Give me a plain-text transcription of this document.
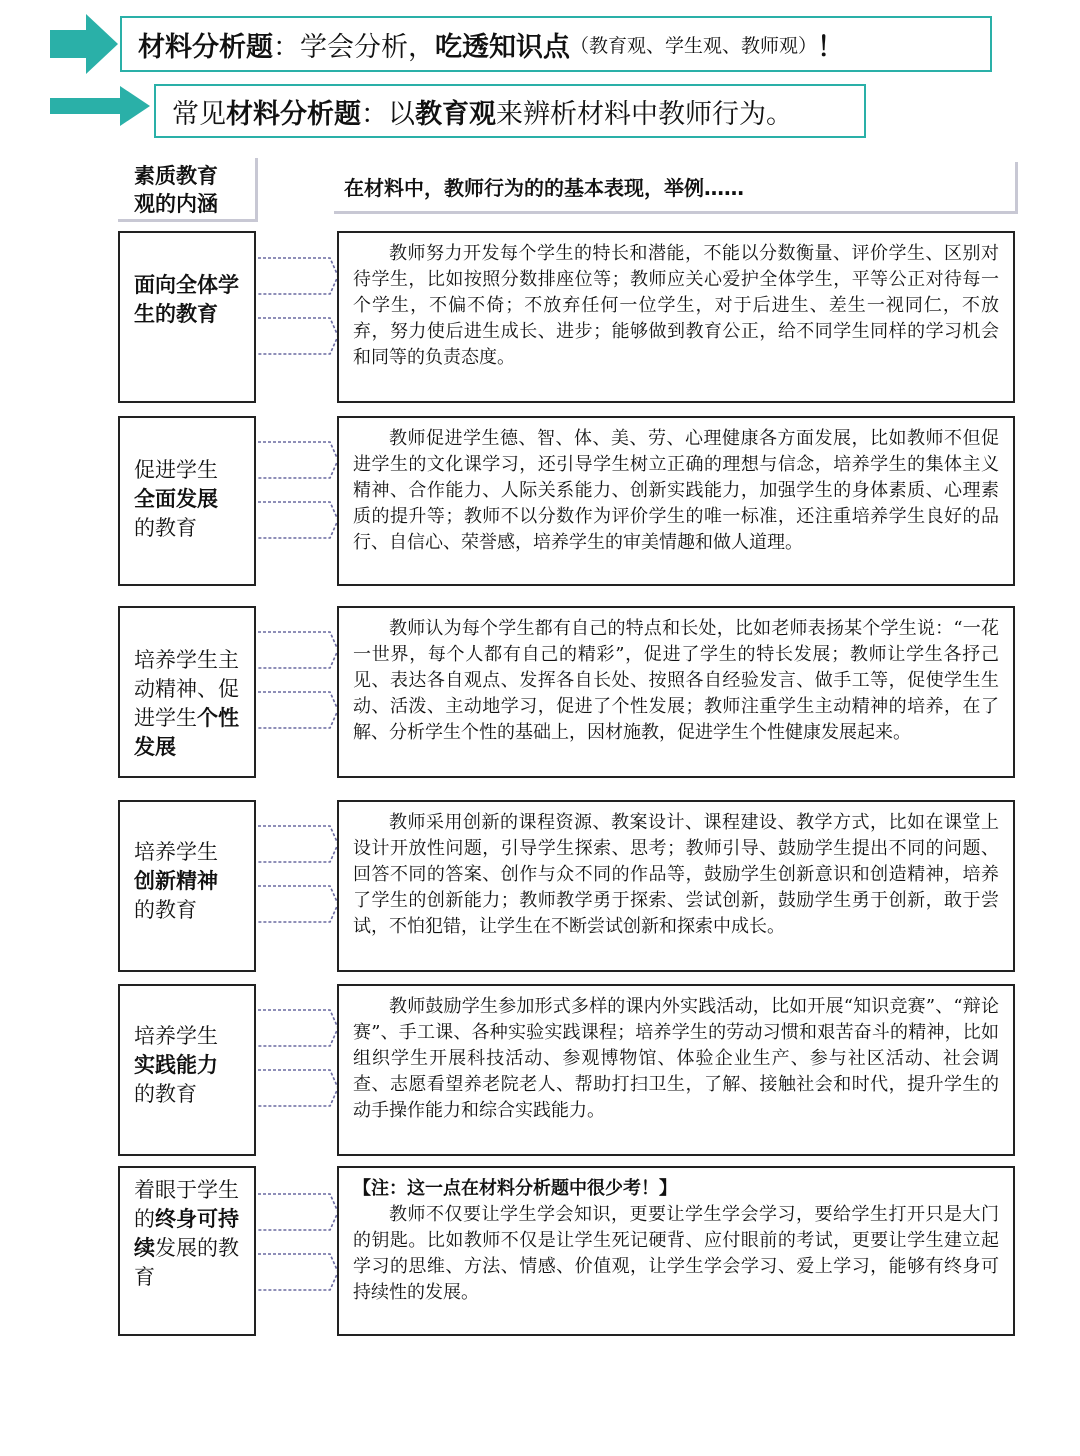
材料分析题 ：学会分析， 吃透知识点 （教育观、学生观、教师观） ！
常见 材料分析题 ：以 教育观 来辨析材料中教师行为。
素质教育
观的内涵
在材料中，教师行为的的基本表现，举例……
面向全体学生的教育
教师努力开发每个学生的特长和潜能，不能以分数衡量、评价学生、区别对待学生，比如按照分数排座位等；教师应关心爱护全体学生，平等公正对待每一个学生，不偏不倚；不放弃任何一位学生，对于后进生、差生一视同仁，不放弃，努力使后进生成长、进步；能够做到教育公正，给不同学生同样的学习机会和同等的负责态度。
促进学生
全面发展
的教育
教师促进学生德、智、体、美、劳、心理健康各方面发展，比如教师不但促进学生的文化课学习，还引导学生树立正确的理想与信念，培养学生的集体主义精神、合作能力、人际关系能力、创新实践能力，加强学生的身体素质、心理素质的提升等；教师不以分数作为评价学生的唯一标准，还注重培养学生良好的品行、自信心、荣誉感，培养学生的审美情趣和做人道理。
培养学生主动精神、促进学生个性发展
教师认为每个学生都有自己的特点和长处，比如老师表扬某个学生说：“一花一世界，每个人都有自己的精彩”，促进了学生的特长发展；教师让学生各抒己见、表达各自观点、发挥各自长处、按照各自经验发言、做手工等，促使学生生动、活泼、主动地学习，促进了个性发展；教师注重学生主动精神的培养，在了解、分析学生个性的基础上，因材施教，促进学生个性健康发展起来。
培养学生
创新精神
的教育
教师采用创新的课程资源、教案设计、课程建设、教学方式，比如在课堂上设计开放性问题，引导学生探索、思考；教师引导、鼓励学生提出不同的问题、回答不同的答案、创作与众不同的作品等，鼓励学生创新意识和创造精神，培养了学生的创新能力；教师教学勇于探索、尝试创新，鼓励学生勇于创新，敢于尝试，不怕犯错，让学生在不断尝试创新和探索中成长。
培养学生
实践能力
的教育
教师鼓励学生参加形式多样的课内外实践活动，比如开展“知识竞赛”、“辩论赛”、手工课、各种实验实践课程；培养学生的劳动习惯和艰苦奋斗的精神，比如组织学生开展科技活动、参观博物馆、体验企业生产、参与社区活动、社会调查、志愿看望养老院老人、帮助打扫卫生，了解、接触社会和时代，提升学生的动手操作能力和综合实践能力。
着眼于学生的终身可持续发展的教育
【注：这一点在材料分析题中很少考！】
教师不仅要让学生学会知识，更要让学生学会学习，要给学生打开只是大门的钥匙。比如教师不仅是让学生死记硬背、应付眼前的考试，更要让学生建立起学习的思维、方法、情感、价值观，让学生学会学习、爱上学习，能够有终身可持续性的发展。
